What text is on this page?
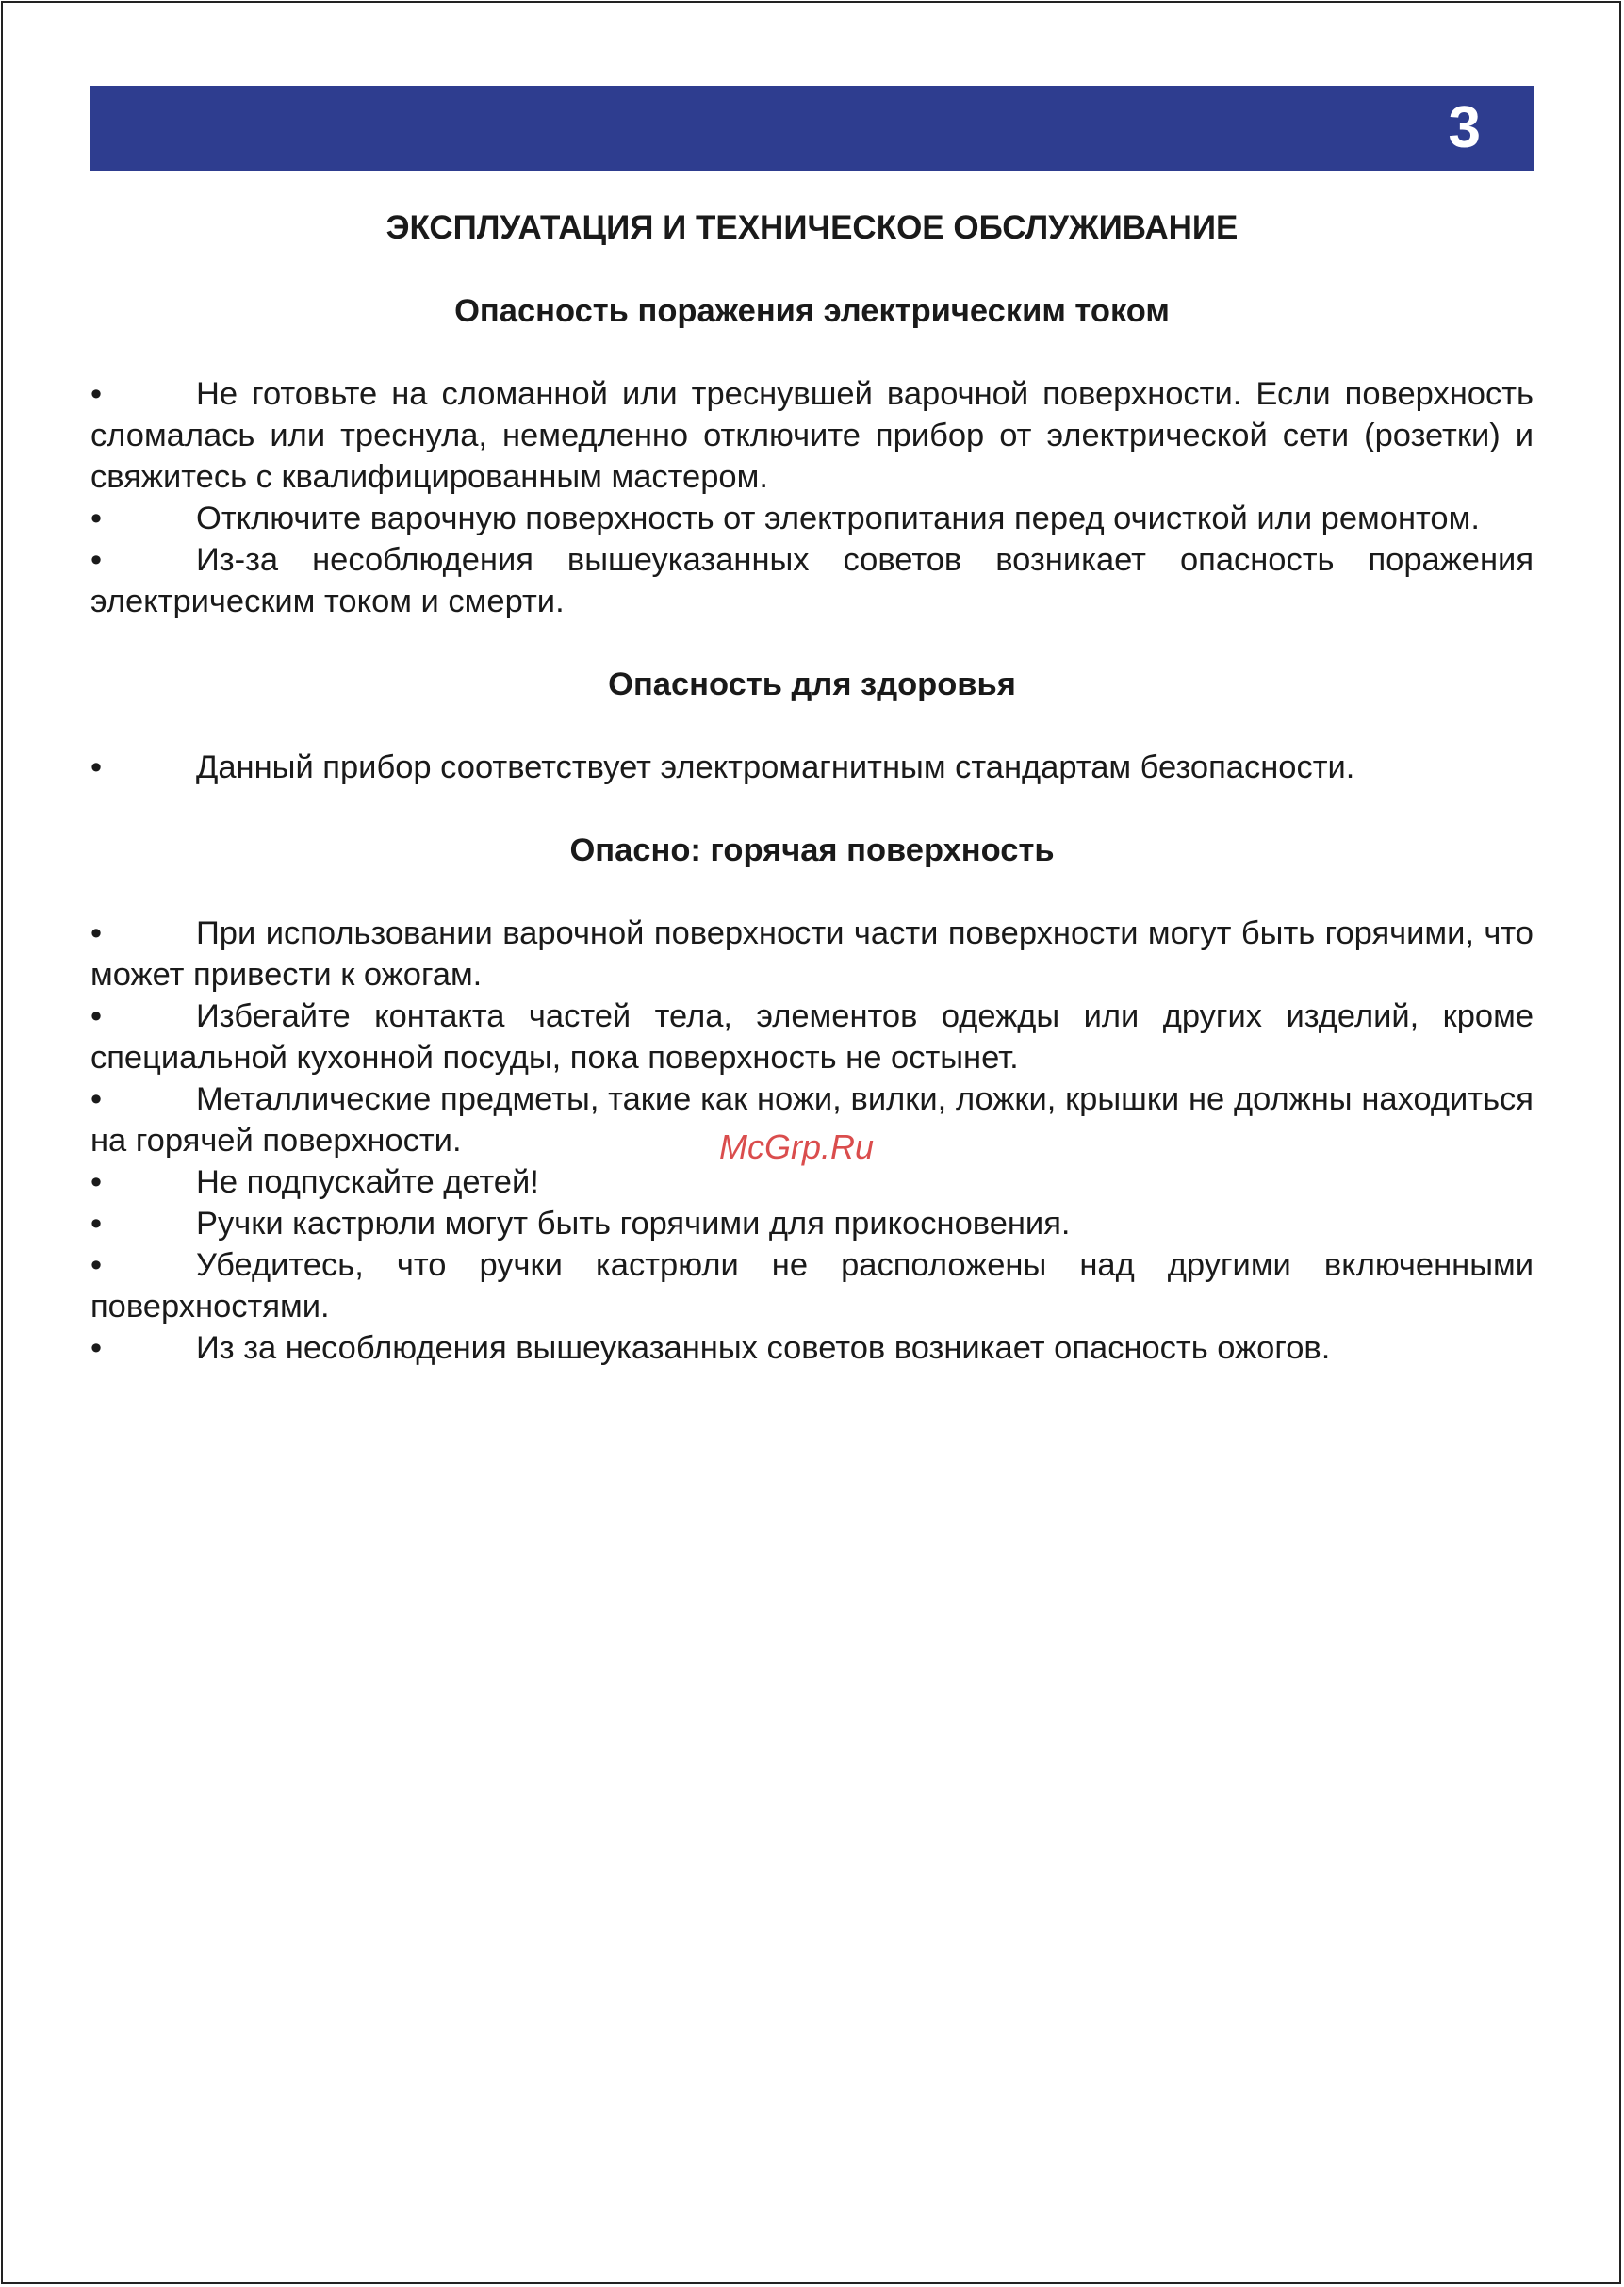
3
ЭКСПЛУАТАЦИЯ И ТЕХНИЧЕСКОЕ ОБСЛУЖИВАНИЕ
Опасность поражения электрическим током

•	Не готовьте на сломанной или треснувшей варочной поверхности. Если поверхность сломалась или треснула, немедленно отключите прибор от электрической сети (розетки) и свяжитесь с квалифицированным мастером.

•	Отключите варочную поверхность от электропитания перед очисткой или ремонтом.

•	Из-за несоблюдения вышеуказанных советов возникает опасность поражения электрическим током и смерти.

Опасность для здоровья

•	Данный прибор соответствует электромагнитным стандартам безопасности.

Опасно: горячая поверхность

•	При использовании варочной поверхности части поверхности могут быть горячими, что может привести к ожогам.

•	Избегайте контакта частей тела, элементов одежды или других изделий, кроме специальной кухонной посуды, пока поверхность не остынет.

•	Металлические предметы, такие как ножи, вилки, ложки, крышки не должны находиться на горячей поверхности.

•	Не подпускайте детей!

•	Ручки кастрюли могут быть горячими для прикосновения.

•	Убедитесь, что ручки кастрюли не расположены над другими включенными поверхностями.

•	Из за несоблюдения вышеуказанных советов возникает опасность ожогов.

McGrp.Ru
